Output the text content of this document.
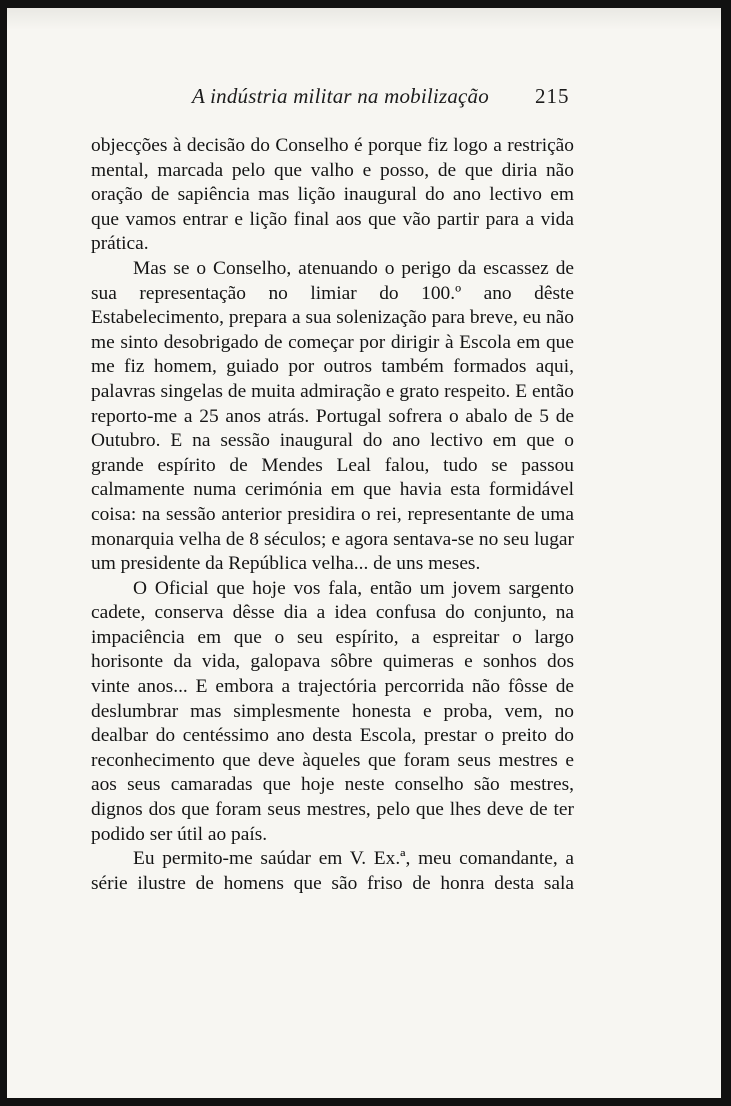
A indústria militar na mobilização 215

objecções à decisão do Conselho é porque fiz logo a restrição mental, marcada pelo que valho e posso, de que diria não oração de sapiência mas lição inaugural do ano lectivo em que vamos entrar e lição final aos que vão partir para a vida prática.

Mas se o Conselho, atenuando o perigo da escassez de sua representação no limiar do 100.º ano dêste Estabelecimento, prepara a sua solenização para breve, eu não me sinto desobrigado de começar por dirigir à Escola em que me fiz homem, guiado por outros também formados aqui, palavras singelas de muita admiração e grato respeito. E então reporto-me a 25 anos atrás. Portugal sofrera o abalo de 5 de Outubro. E na sessão inaugural do ano lectivo em que o grande espírito de Mendes Leal falou, tudo se passou calmamente numa cerimónia em que havia esta formidável coisa: na sessão anterior presidira o rei, representante de uma monarquia velha de 8 séculos; e agora sentava-se no seu lugar um presidente da República velha... de uns meses.

O Oficial que hoje vos fala, então um jovem sargento cadete, conserva dêsse dia a idea confusa do conjunto, na impaciência em que o seu espírito, a espreitar o largo horisonte da vida, galopava sôbre quimeras e sonhos dos vinte anos... E embora a trajectória percorrida não fôsse de deslumbrar mas simplesmente honesta e proba, vem, no dealbar do centéssimo ano desta Escola, prestar o preito do reconhecimento que deve àqueles que foram seus mestres e aos seus camaradas que hoje neste conselho são mestres, dignos dos que foram seus mestres, pelo que lhes deve de ter podido ser útil ao país.

Eu permito-me saúdar em V. Ex.ª, meu comandante, a série ilustre de homens que são friso de honra desta sala
